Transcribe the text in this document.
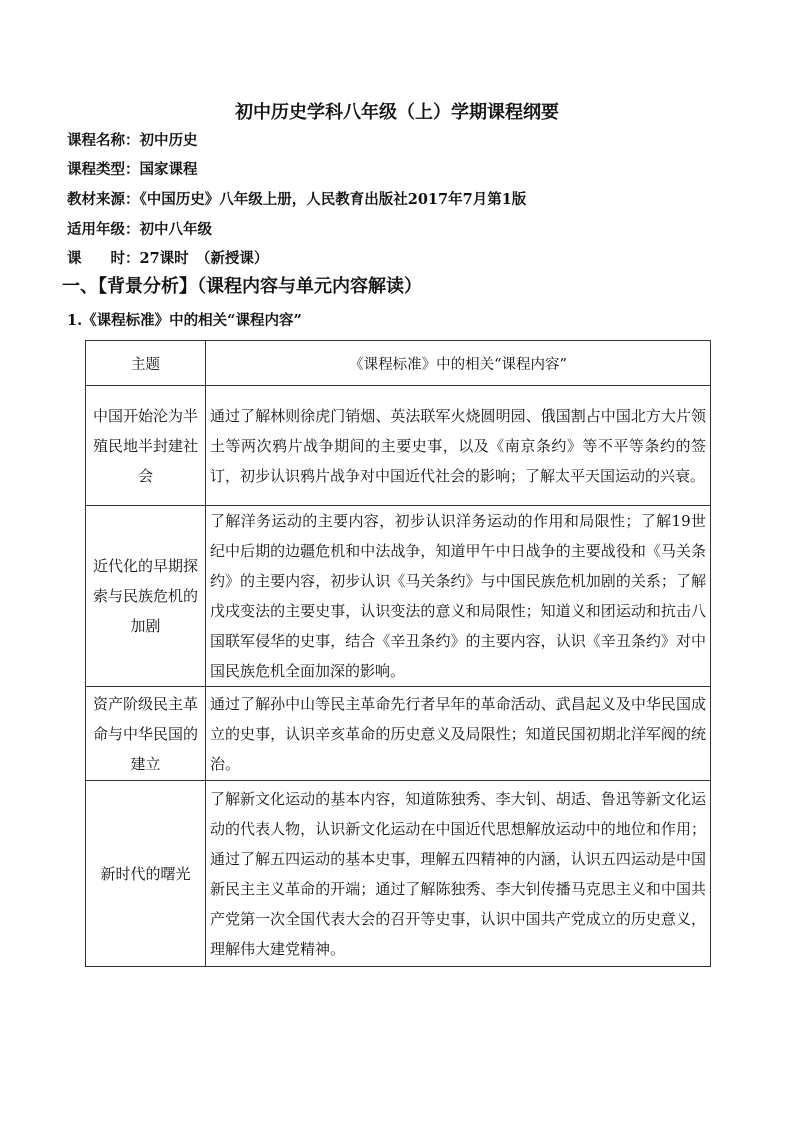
初中历史学科八年级（上）学期课程纲要
课程名称：初中历史
课程类型：国家课程
教材来源：《中国历史》八年级上册，人民教育出版社2017年7月第1版
适用年级：初中八年级
课　　时：27课时　（新授课）
一、【背景分析】（课程内容与单元内容解读）
1.《课程标准》中的相关“课程内容”
主题	《课程标准》中的相关“课程内容”
中国开始沦为半殖民地半封建社会	通过了解林则徐虎门销烟、英法联军火烧圆明园、俄国割占中国北方大片领土等两次鸦片战争期间的主要史事，以及《南京条约》等不平等条约的签订，初步认识鸦片战争对中国近代社会的影响；了解太平天国运动的兴衰。
近代化的早期探索与民族危机的加剧	了解洋务运动的主要内容，初步认识洋务运动的作用和局限性；了解19世纪中后期的边疆危机和中法战争，知道甲午中日战争的主要战役和《马关条约》的主要内容，初步认识《马关条约》与中国民族危机加剧的关系；了解戊戌变法的主要史事，认识变法的意义和局限性；知道义和团运动和抗击八国联军侵华的史事，结合《辛丑条约》的主要内容，认识《辛丑条约》对中国民族危机全面加深的影响。
资产阶级民主革命与中华民国的建立	通过了解孙中山等民主革命先行者早年的革命活动、武昌起义及中华民国成立的史事，认识辛亥革命的历史意义及局限性；知道民国初期北洋军阀的统治。
新时代的曙光	了解新文化运动的基本内容，知道陈独秀、李大钊、胡适、鲁迅等新文化运动的代表人物，认识新文化运动在中国近代思想解放运动中的地位和作用；通过了解五四运动的基本史事，理解五四精神的内涵，认识五四运动是中国新民主主义革命的开端；通过了解陈独秀、李大钊传播马克思主义和中国共产党第一次全国代表大会的召开等史事，认识中国共产党成立的历史意义，理解伟大建党精神。
